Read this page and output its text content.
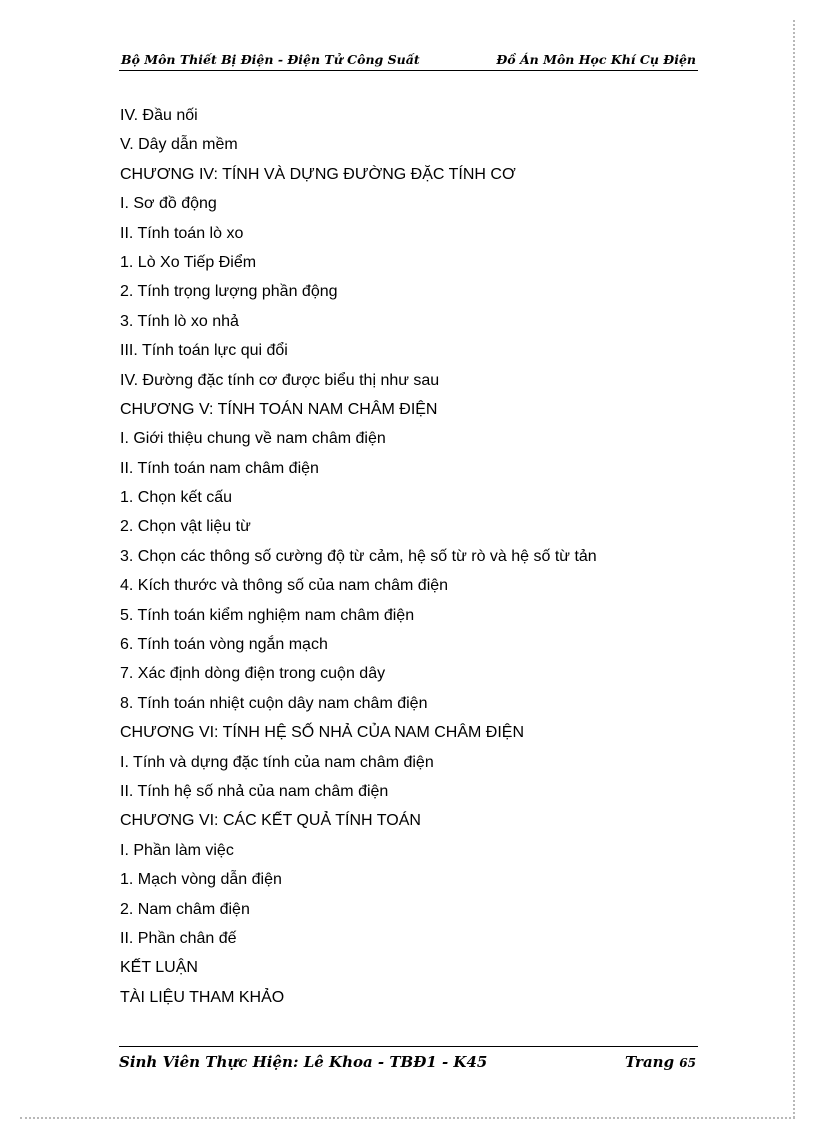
Bộ Môn Thiết Bị Điện - Điện Tử Công Suất	Đồ Án Môn Học Khí Cụ Điện
IV. Đầu nối
V. Dây dẫn mềm
CHƯƠNG IV: TÍNH VÀ DỰNG ĐƯỜNG ĐẶC TÍNH CƠ
I. Sơ đồ động
II. Tính toán lò xo
1. Lò Xo Tiếp Điểm
2. Tính trọng lượng phần động
3. Tính lò xo nhả
III. Tính toán lực qui đổi
IV. Đường đặc tính cơ được biểu thị như sau
CHƯƠNG V: TÍNH TOÁN NAM CHÂM ĐIỆN
I. Giới thiệu chung về nam châm điện
II. Tính toán nam châm điện
1. Chọn kết cấu
2. Chọn vật liệu từ
3. Chọn các thông số cường độ từ cảm, hệ số từ rò và hệ số từ tản
4. Kích thước và thông số của nam châm điện
5. Tính toán kiểm nghiệm nam châm điện
6. Tính toán vòng ngắn mạch
7. Xác định dòng điện trong cuộn dây
8. Tính toán nhiệt cuộn dây nam châm điện
CHƯƠNG VI: TÍNH HỆ SỐ NHẢ CỦA NAM CHÂM ĐIỆN
I. Tính và dựng đặc tính của nam châm điện
II. Tính hệ số nhả của nam châm điện
CHƯƠNG VI: CÁC KẾT QUẢ TÍNH TOÁN
I. Phần làm việc
1. Mạch vòng dẫn điện
2. Nam châm điện
II. Phần chân đế
KẾT LUẬN
TÀI LIỆU THAM KHẢO
Sinh Viên Thực Hiện: Lê Khoa - TBĐ1 - K45	Trang 65
